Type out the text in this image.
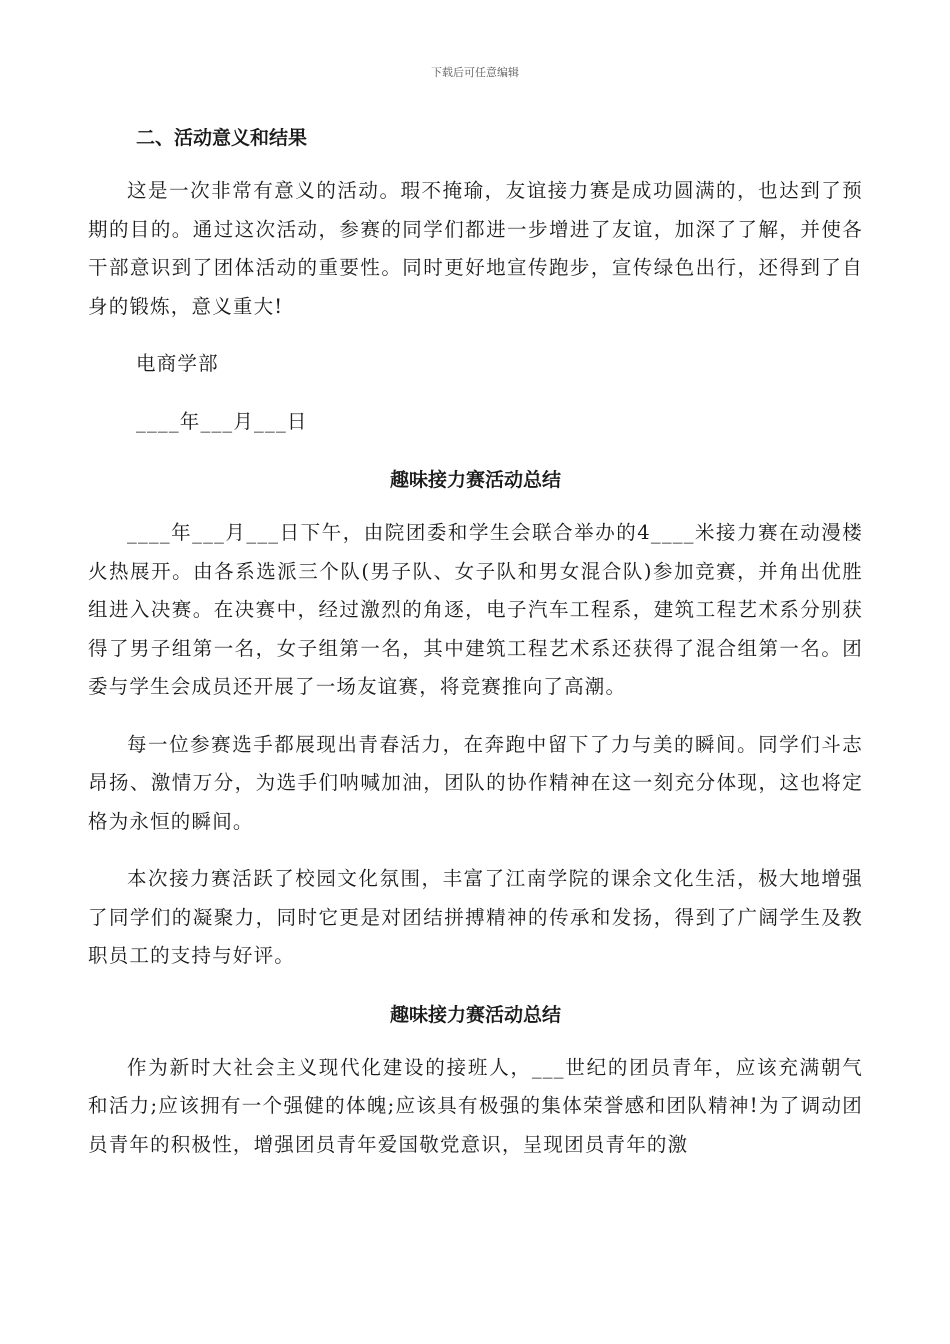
下载后可任意编辑
二、活动意义和结果

这是一次非常有意义的活动。瑕不掩瑜，友谊接力赛是成功圆满的，也达到了预期的目的。通过这次活动，参赛的同学们都进一步增进了友谊，加深了了解，并使各干部意识到了团体活动的重要性。同时更好地宣传跑步，宣传绿色出行，还得到了自身的锻炼，意义重大!

电商学部

____年___月___日

趣味接力赛活动总结

____年___月___日下午，由院团委和学生会联合举办的4____米接力赛在动漫楼火热展开。由各系选派三个队(男子队、女子队和男女混合队)参加竞赛，并角出优胜组进入决赛。在决赛中，经过激烈的角逐，电子汽车工程系，建筑工程艺术系分别获得了男子组第一名，女子组第一名，其中建筑工程艺术系还获得了混合组第一名。团委与学生会成员还开展了一场友谊赛，将竞赛推向了高潮。

每一位参赛选手都展现出青春活力，在奔跑中留下了力与美的瞬间。同学们斗志昂扬、激情万分，为选手们呐喊加油，团队的协作精神在这一刻充分体现，这也将定格为永恒的瞬间。

本次接力赛活跃了校园文化氛围，丰富了江南学院的课余文化生活，极大地增强了同学们的凝聚力，同时它更是对团结拼搏精神的传承和发扬，得到了广阔学生及教职员工的支持与好评。

趣味接力赛活动总结

作为新时大社会主义现代化建设的接班人，___世纪的团员青年，应该充满朝气和活力;应该拥有一个强健的体魄;应该具有极强的集体荣誉感和团队精神!为了调动团员青年的积极性，增强团员青年爱国敬党意识，呈现团员青年的激
